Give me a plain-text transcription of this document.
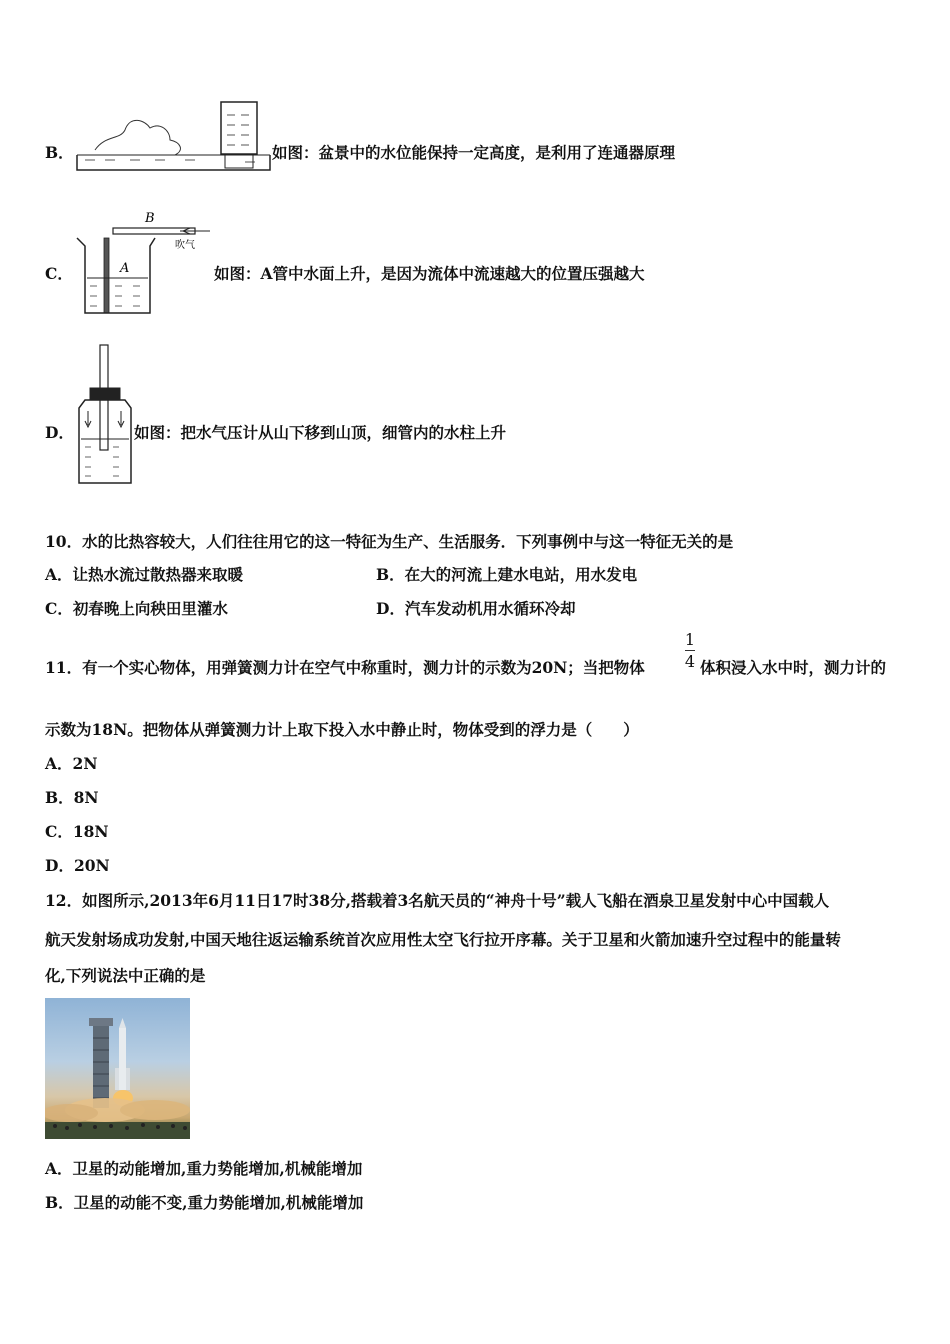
B．	如图：盆景中的水位能保持一定高度，是利用了连通器原理
C．
B
吹气
A	如图：A管中水面上升，是因为流体中流速越大的位置压强越大
D．	如图：把水气压计从山下移到山顶，细管内的水柱上升
10．水的比热容较大，人们往往用它的这一特征为生产、生活服务．下列事例中与这一特征无关的是
A．让热水流过散热器来取暖	B．在大的河流上建水电站，用水发电
C．初春晚上向秧田里灌水	D．汽车发动机用水循环冷却
11．有一个实心物体，用弹簧测力计在空气中称重时，测力计的示数为20N；当把物体
1
4 体积浸入水中时，测力计的
示数为18N。把物体从弹簧测力计上取下投入水中静止时，物体受到的浮力是（　　）
A．2N
B．8N
C．18N
D．20N
12．如图所示,2013年6月11日17时38分,搭载着3名航天员的“神舟十号”载人飞船在酒泉卫星发射中心中国载人
航天发射场成功发射,中国天地往返运输系统首次应用性太空飞行拉开序幕。关于卫星和火箭加速升空过程中的能量转
化,下列说法中正确的是
A．卫星的动能增加,重力势能增加,机械能增加
B．卫星的动能不变,重力势能增加,机械能增加
